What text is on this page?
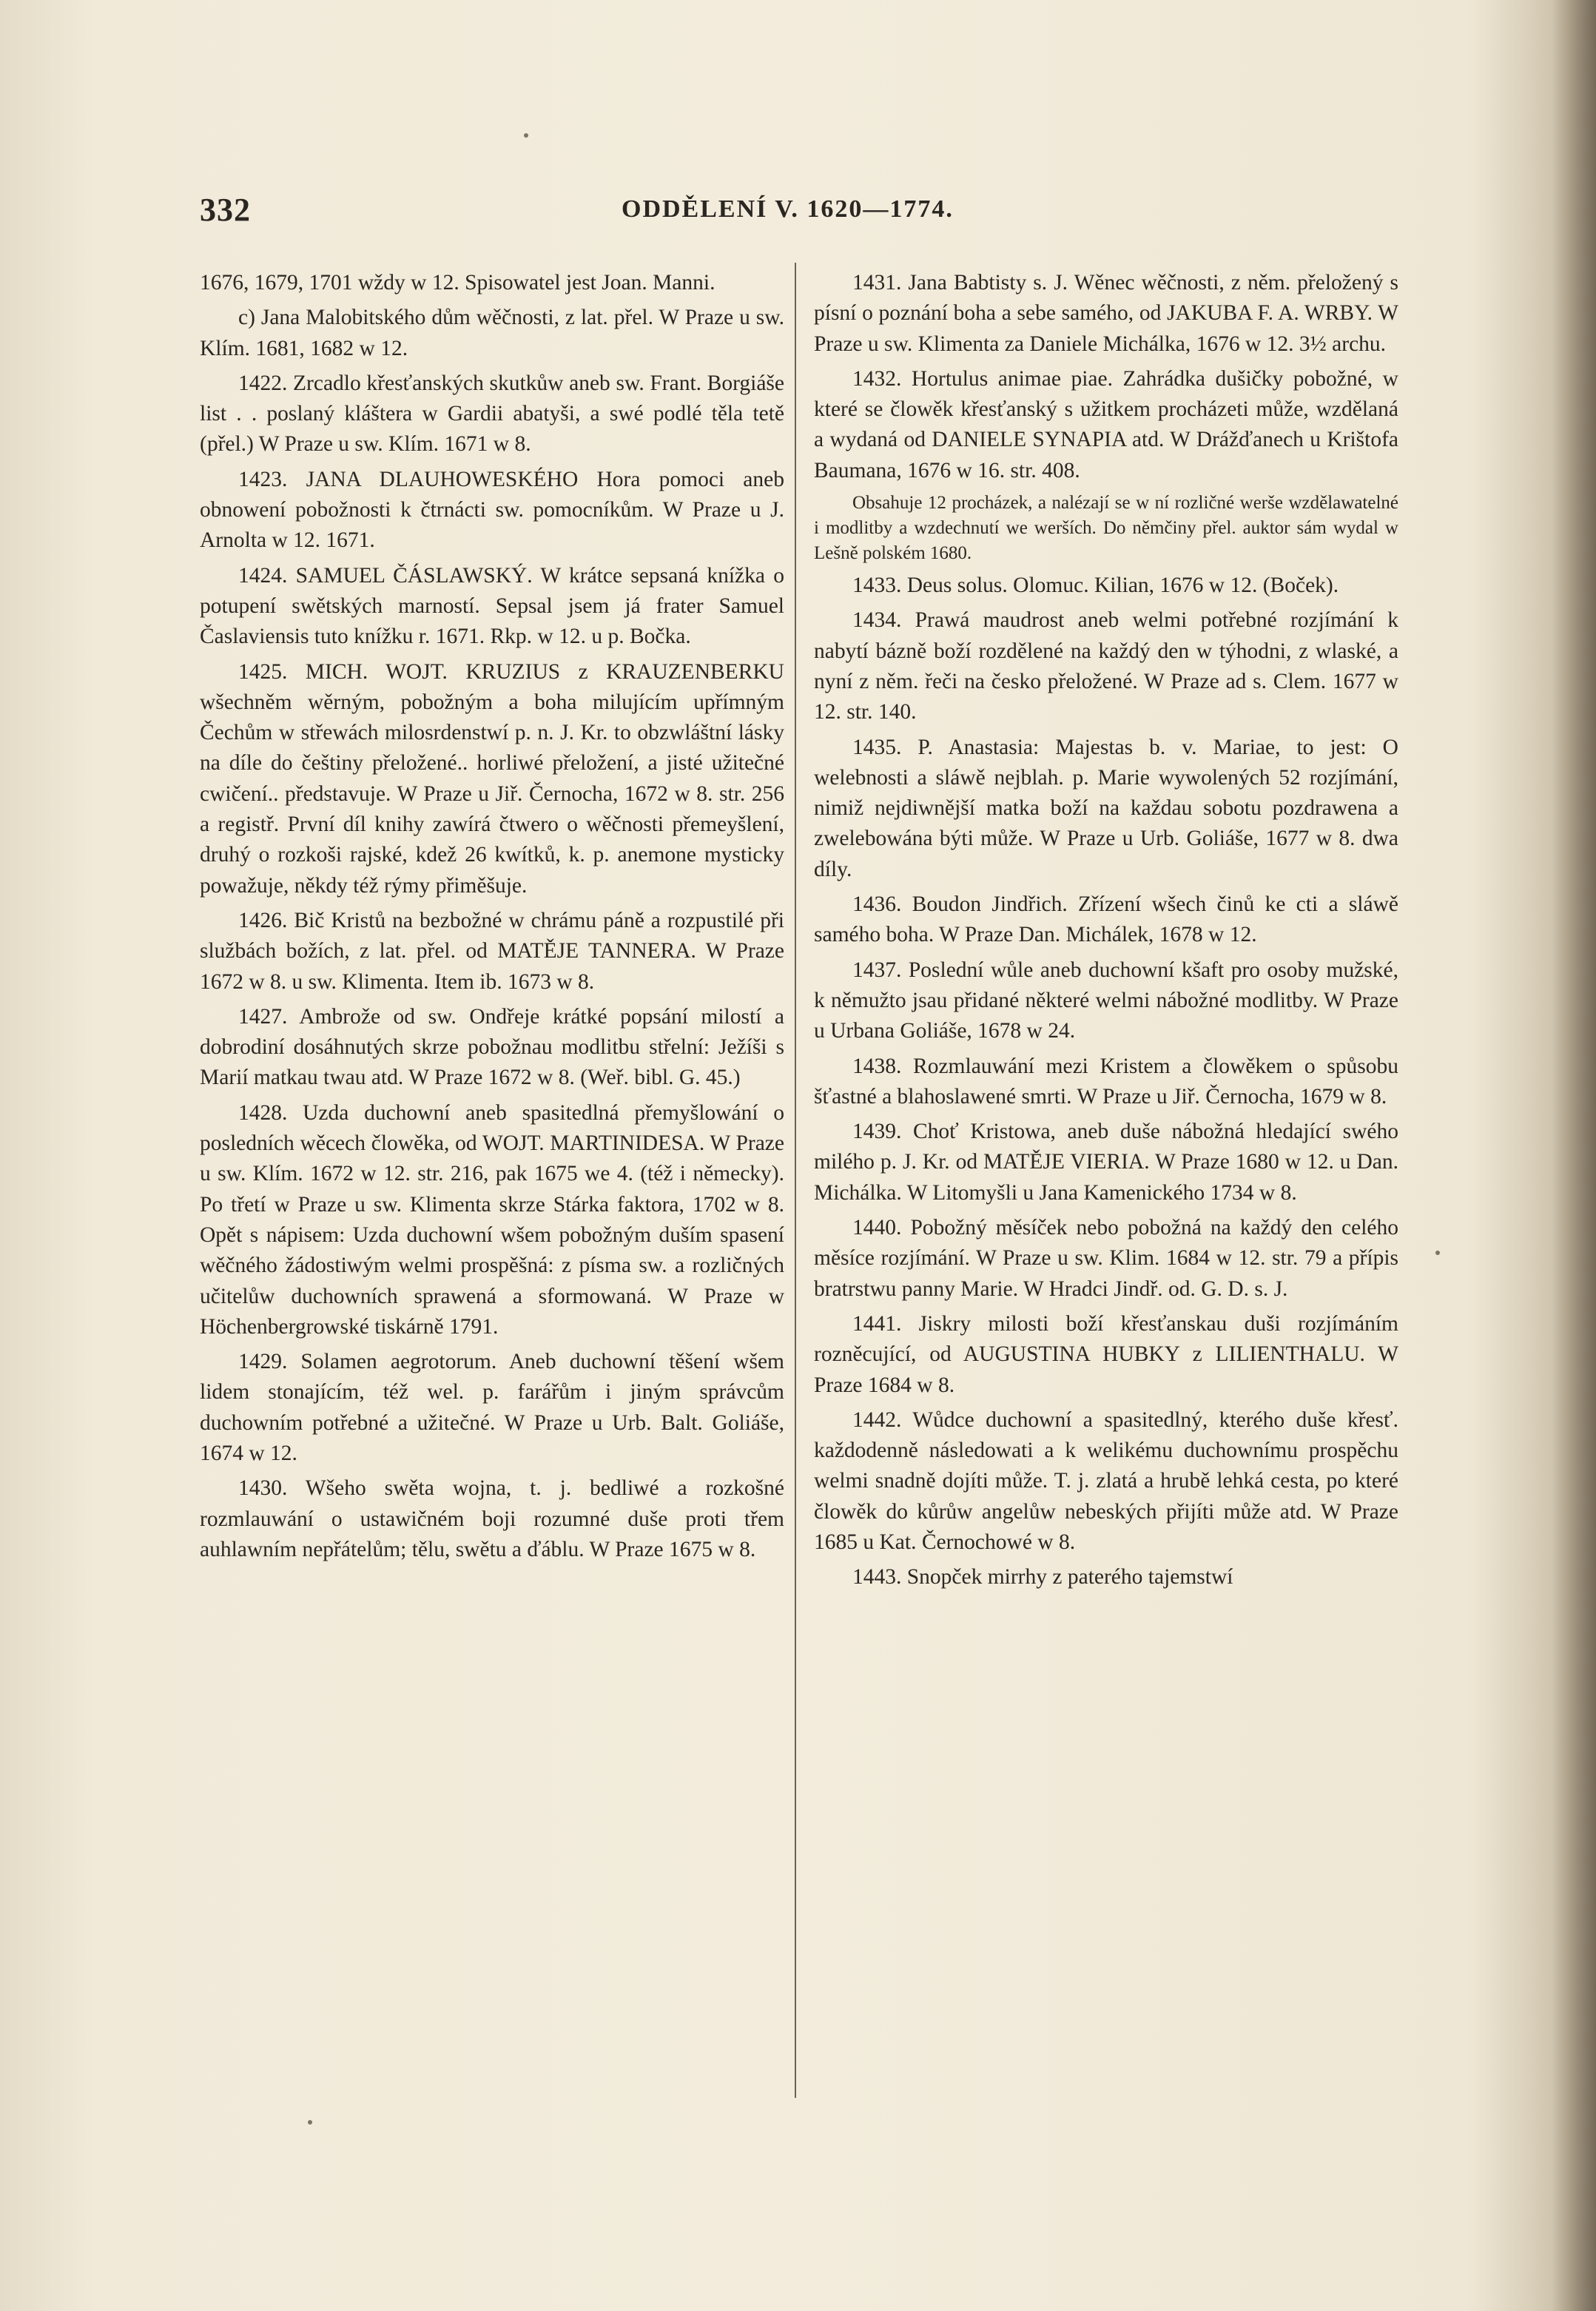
332	ODDĚLENÍ V. 1620—1774.

1676, 1679, 1701 wždy w 12. Spisowatel jest Joan. Manni.

c) Jana Malobitského dům wěčnosti, z lat. přel. W Praze u sw. Klím. 1681, 1682 w 12.

1422. Zrcadlo křesťanských skutkůw aneb sw. Frant. Borgiáše list . . poslaný kláštera w Gardii abatyši, a swé podlé těla tetě (přel.) W Praze u sw. Klím. 1671 w 8.

1423. JANA DLAUHOWESKÉHO Hora pomoci aneb obnowení pobožnosti k čtrnácti sw. pomocníkům. W Praze u J. Arnolta w 12. 1671.

1424. SAMUEL ČÁSLAWSKÝ. W krátce sepsaná knížka o potupení swětských marností. Sepsal jsem já frater Samuel Časlaviensis tuto knížku r. 1671. Rkp. w 12. u p. Bočka.

1425. MICH. WOJT. KRUZIUS z KRAUZENBERKU wšechněm wěrným, pobožným a boha milujícím upřímným Čechům w střewách milosrdenstwí p. n. J. Kr. to obzwláštní lásky na díle do češtiny přeložené.. horliwé přeložení, a jisté užitečné cwičení.. představuje. W Praze u Jiř. Černocha, 1672 w 8. str. 256 a registř. První díl knihy zawírá čtwero o wěčnosti přemeyšlení, druhý o rozkoši rajské, kdež 26 kwítků, k. p. anemone mysticky powažuje, někdy též rýmy přiměšuje.

1426. Bič Kristů na bezbožné w chrámu páně a rozpustilé při službách božích, z lat. přel. od MATĚJE TANNERA. W Praze 1672 w 8. u sw. Klimenta. Item ib. 1673 w 8.

1427. Ambrože od sw. Ondřeje krátké popsání milostí a dobrodiní dosáhnutých skrze pobožnau modlitbu střelní: Ježíši s Marií matkau twau atd. W Praze 1672 w 8. (Weř. bibl. G. 45.)

1428. Uzda duchowní aneb spasitedlná přemyšlowání o posledních wěcech člowěka, od WOJT. MARTINIDESA. W Praze u sw. Klím. 1672 w 12. str. 216, pak 1675 we 4. (též i německy). Po třetí w Praze u sw. Klimenta skrze Stárka faktora, 1702 w 8. Opět s nápisem: Uzda duchowní wšem pobožným duším spasení wěčného žádostiwým welmi prospěšná: z písma sw. a rozličných učitelůw duchowních sprawená a sformowaná. W Praze w Höchenbergrowské tiskárně 1791.

1429. Solamen aegrotorum. Aneb duchowní těšení wšem lidem stonajícím, též wel. p. farářům i jiným správcům duchowním potřebné a užitečné. W Praze u Urb. Balt. Goliáše, 1674 w 12.

1430. Wšeho swěta wojna, t. j. bedliwé a rozkošné rozmlauwání o ustawičném boji rozumné duše proti třem auhlawním nepřátelům; tělu, swětu a ďáblu. W Praze 1675 w 8.

1431. Jana Babtisty s. J. Wěnec wěčnosti, z něm. přeložený s písní o poznání boha a sebe samého, od JAKUBA F. A. WRBY. W Praze u sw. Klimenta za Daniele Michálka, 1676 w 12. 3½ archu.

1432. Hortulus animae piae. Zahrádka dušičky pobožné, w které se člowěk křesťanský s užitkem procházeti může, wzdělaná a wydaná od DANIELE SYNAPIA atd. W Drážďanech u Krištofa Baumana, 1676 w 16. str. 408.

Obsahuje 12 procházek, a nalézají se w ní rozličné werše wzdělawatelné i modlitby a wzdechnutí we werších. Do němčiny přel. auktor sám wydal w Lešně polském 1680.

1433. Deus solus. Olomuc. Kilian, 1676 w 12. (Boček).

1434. Prawá maudrost aneb welmi potřebné rozjímání k nabytí bázně boží rozdělené na každý den w týhodni, z wlaské, a nyní z něm. řeči na česko přeložené. W Praze ad s. Clem. 1677 w 12. str. 140.

1435. P. Anastasia: Majestas b. v. Mariae, to jest: O welebnosti a sláwě nejblah. p. Marie wywolených 52 rozjímání, nimiž nejdiwnější matka boží na každau sobotu pozdrawena a zwelebowána býti může. W Praze u Urb. Goliáše, 1677 w 8. dwa díly.

1436. Boudon Jindřich. Zřízení wšech činů ke cti a sláwě samého boha. W Praze Dan. Michálek, 1678 w 12.

1437. Poslední wůle aneb duchowní kšaft pro osoby mužské, k němužto jsau přidané některé welmi nábožné modlitby. W Praze u Urbana Goliáše, 1678 w 24.

1438. Rozmlauwání mezi Kristem a člowěkem o spůsobu šťastné a blahoslawené smrti. W Praze u Jiř. Černocha, 1679 w 8.

1439. Choť Kristowa, aneb duše nábožná hledající swého milého p. J. Kr. od MATĚJE VIERIA. W Praze 1680 w 12. u Dan. Michálka. W Litomyšli u Jana Kamenického 1734 w 8.

1440. Pobožný měsíček nebo pobožná na každý den celého měsíce rozjímání. W Praze u sw. Klim. 1684 w 12. str. 79 a přípis bratrstwu panny Marie. W Hradci Jindř. od. G. D. s. J.

1441. Jiskry milosti boží křesťanskau duši rozjímáním rozněcující, od AUGUSTINA HUBKY z LILIENTHALU. W Praze 1684 w 8.

1442. Wůdce duchowní a spasitedlný, kterého duše křesť. každodenně následowati a k welikému duchownímu prospěchu welmi snadně dojíti může. T. j. zlatá a hrubě lehká cesta, po které člowěk do kůrůw angelůw nebeských přijíti může atd. W Praze 1685 u Kat. Černochowé w 8.

1443. Snopček mirrhy z paterého tajemstwí
